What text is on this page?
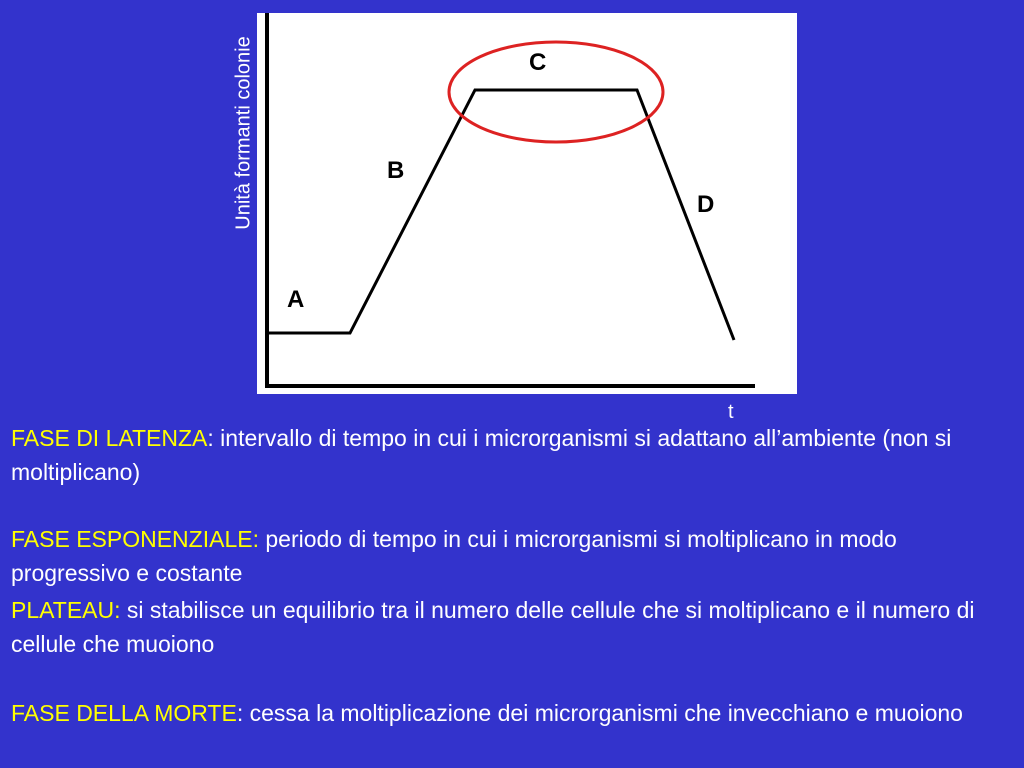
Unità formanti colonie
A
B
C
D
t
FASE DI LATENZA: intervallo di tempo in cui i microrganismi si adattano all’ambiente (non si moltiplicano)
FASE ESPONENZIALE: periodo di tempo in cui i microrganismi si moltiplicano in modo progressivo e costante
PLATEAU: si stabilisce un equilibrio tra il numero delle cellule che si moltiplicano e il numero di cellule che muoiono
FASE DELLA MORTE: cessa la moltiplicazione dei microrganismi che invecchiano e muoiono
